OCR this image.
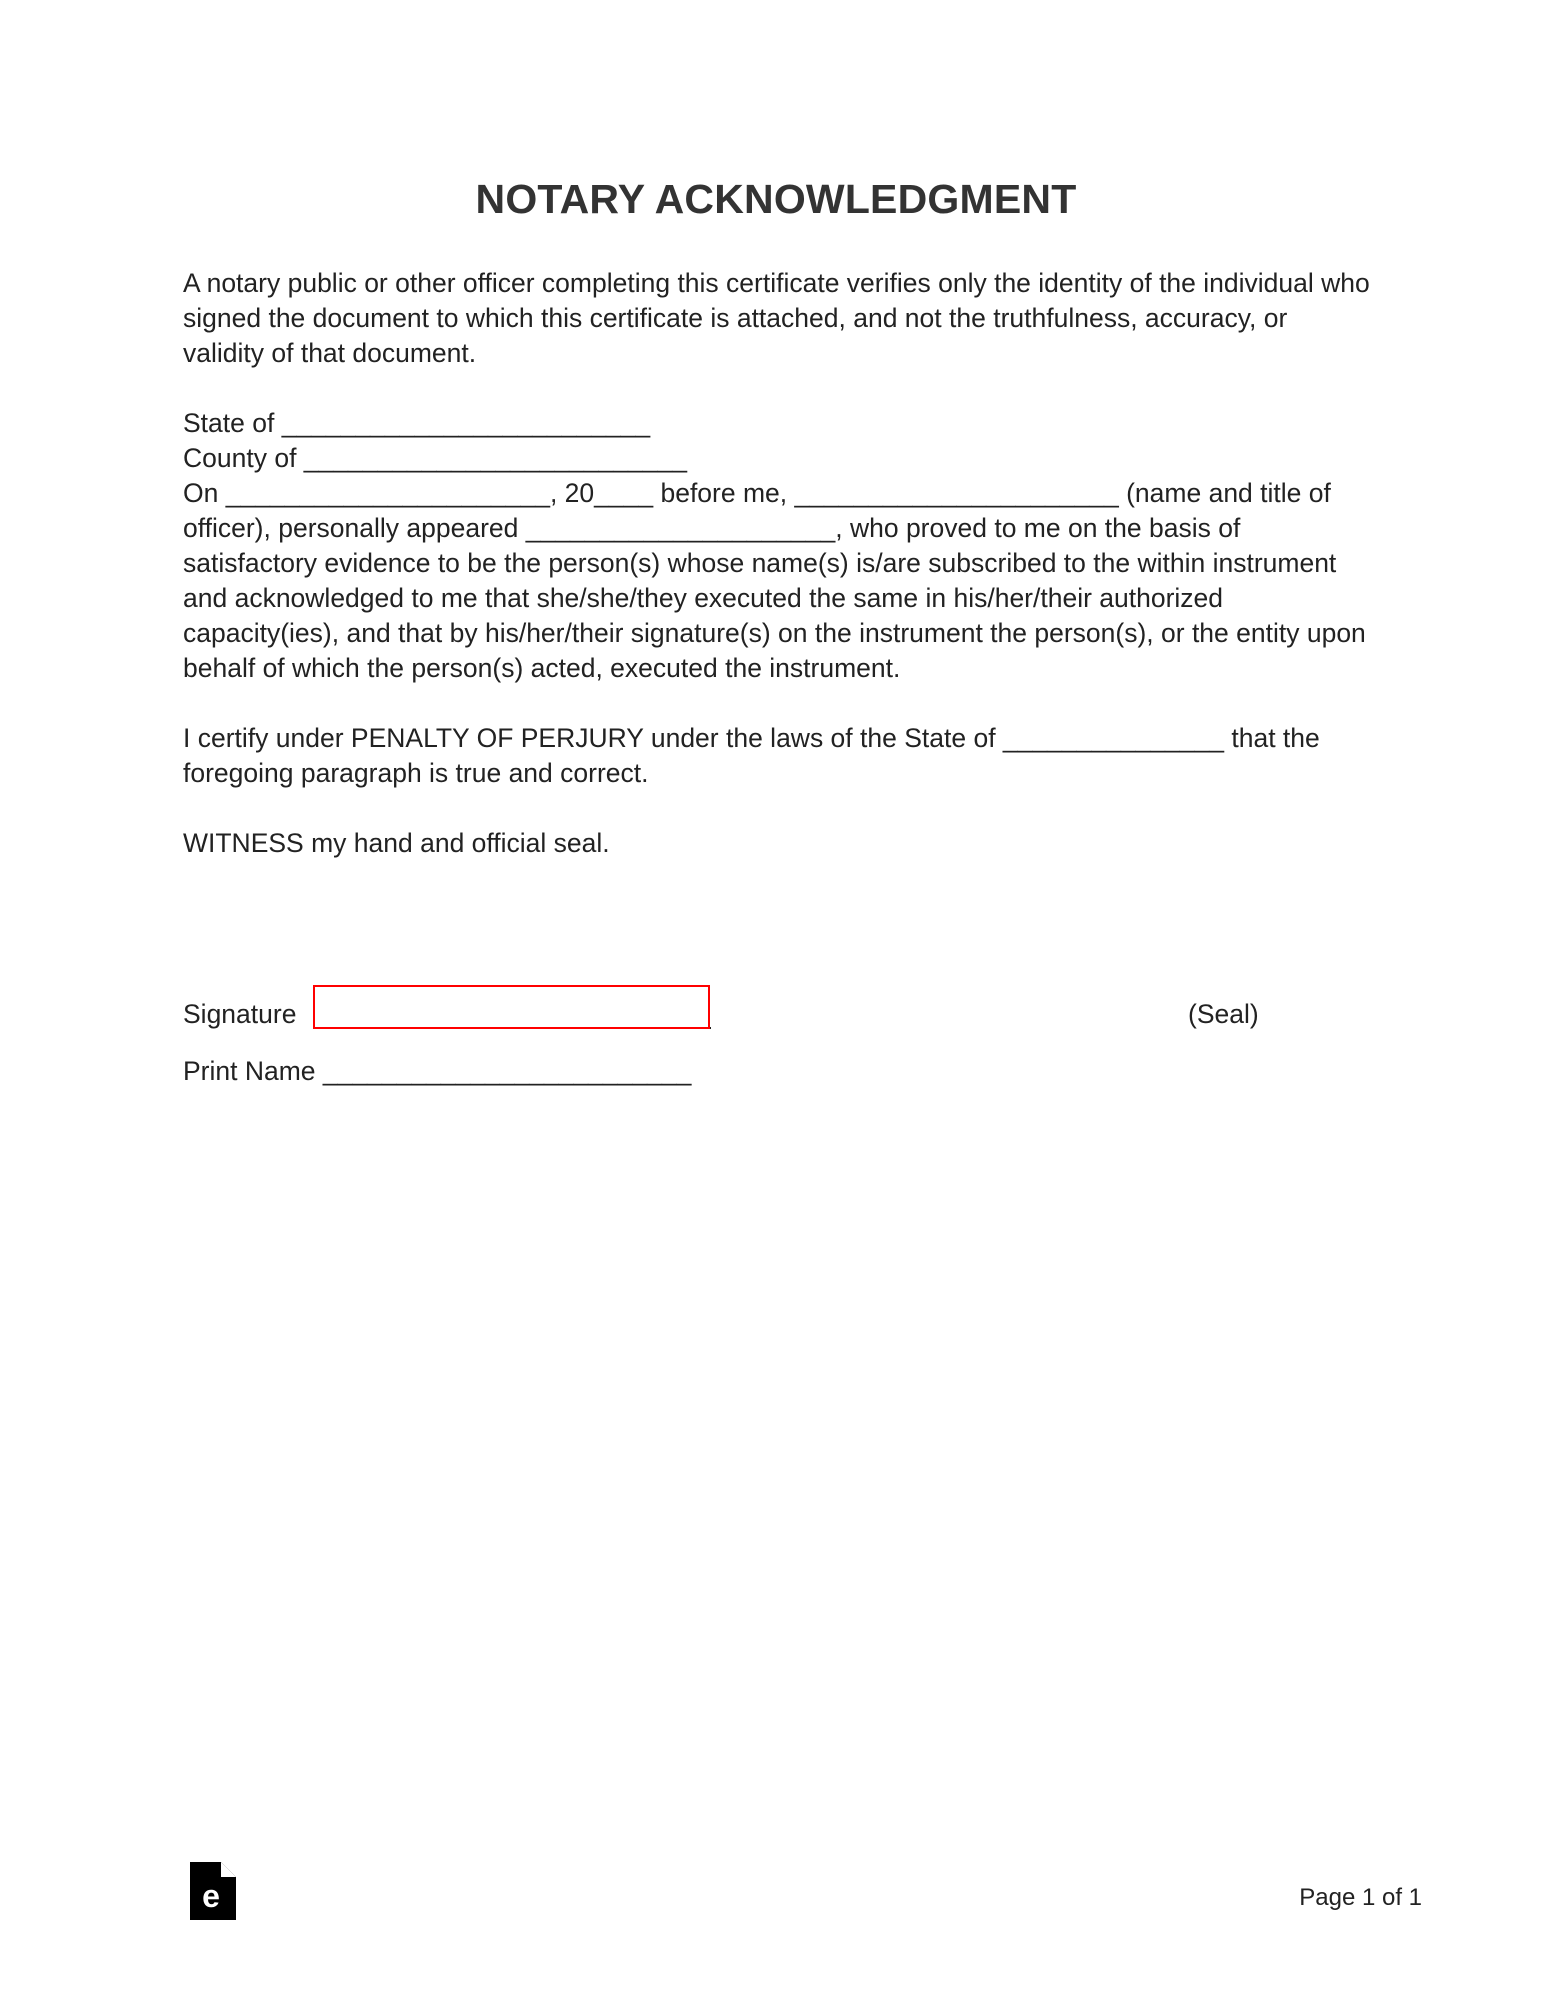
NOTARY ACKNOWLEDGMENT

A notary public or other officer completing this certificate verifies only the identity of the individual who signed the document to which this certificate is attached, and not the truthfulness, accuracy, or validity of that document.

State of _________________________

County of __________________________

On ______________________, 20____ before me, ______________________ (name and title of officer), personally appeared _____________________, who proved to me on the basis of satisfactory evidence to be the person(s) whose name(s) is/are subscribed to the within instrument and acknowledged to me that she/she/they executed the same in his/her/their authorized capacity(ies), and that by his/her/their signature(s) on the instrument the person(s), or the entity upon behalf of which the person(s) acted, executed the instrument.

I certify under PENALTY OF PERJURY under the laws of the State of _______________ that the foregoing paragraph is true and correct.

WITNESS my hand and official seal.

Signature	(Seal)
Print Name _________________________
e	Page 1 of 1
